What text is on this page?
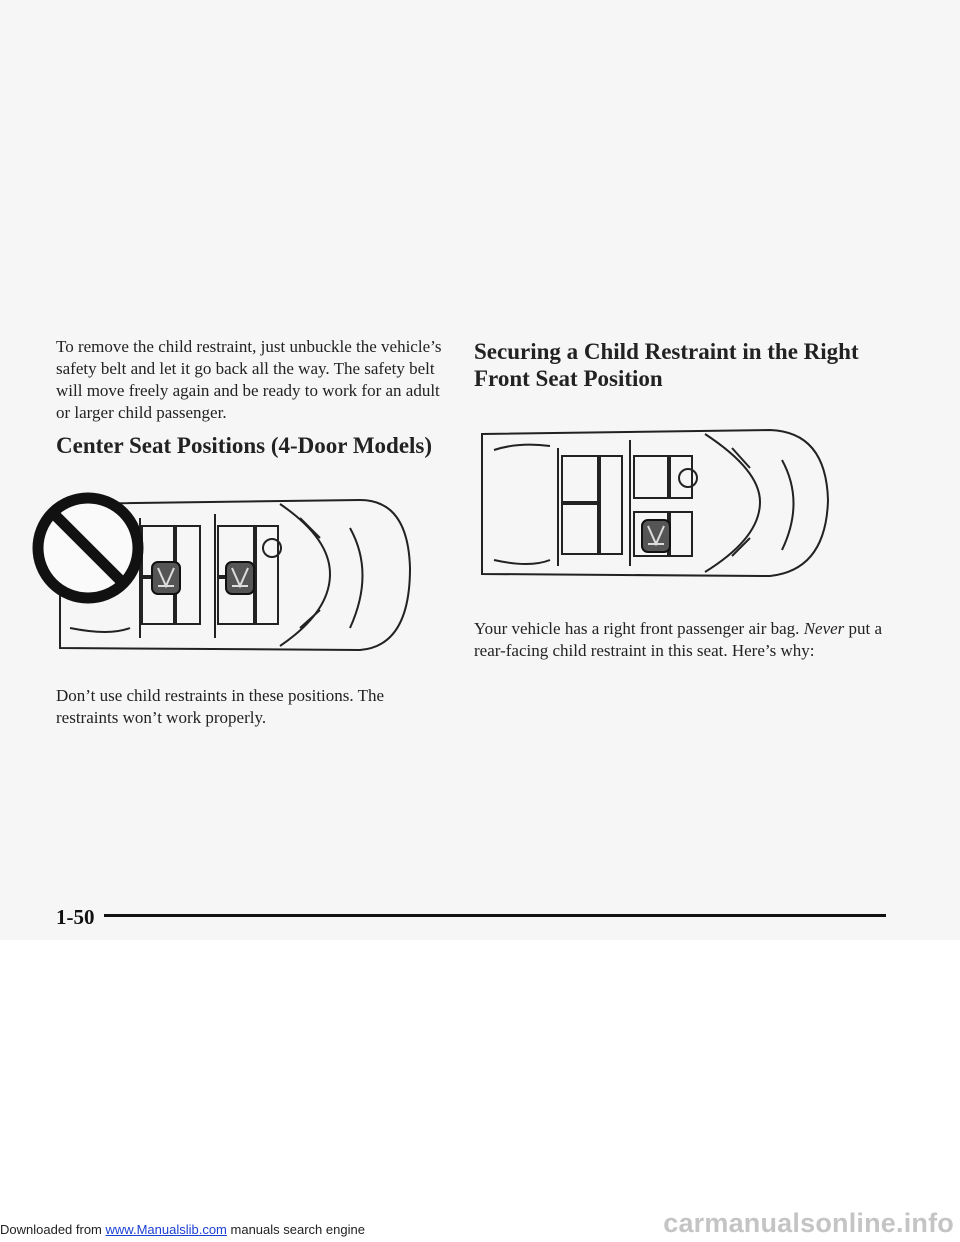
To remove the child restraint, just unbuckle the vehicle’s safety belt and let it go back all the way. The safety belt will move freely again and be ready to work for an adult or larger child passenger.

Center Seat Positions (4-Door Models)
Securing a Child Restraint in the Right Front Seat Position

Don’t use child restraints in these positions. The restraints won’t work properly.

Your vehicle has a right front passenger air bag. Never put a rear-facing child restraint in this seat. Here’s why:

1-50
carmanualsonline.info
Downloaded from www.Manualslib.com manuals search engine
